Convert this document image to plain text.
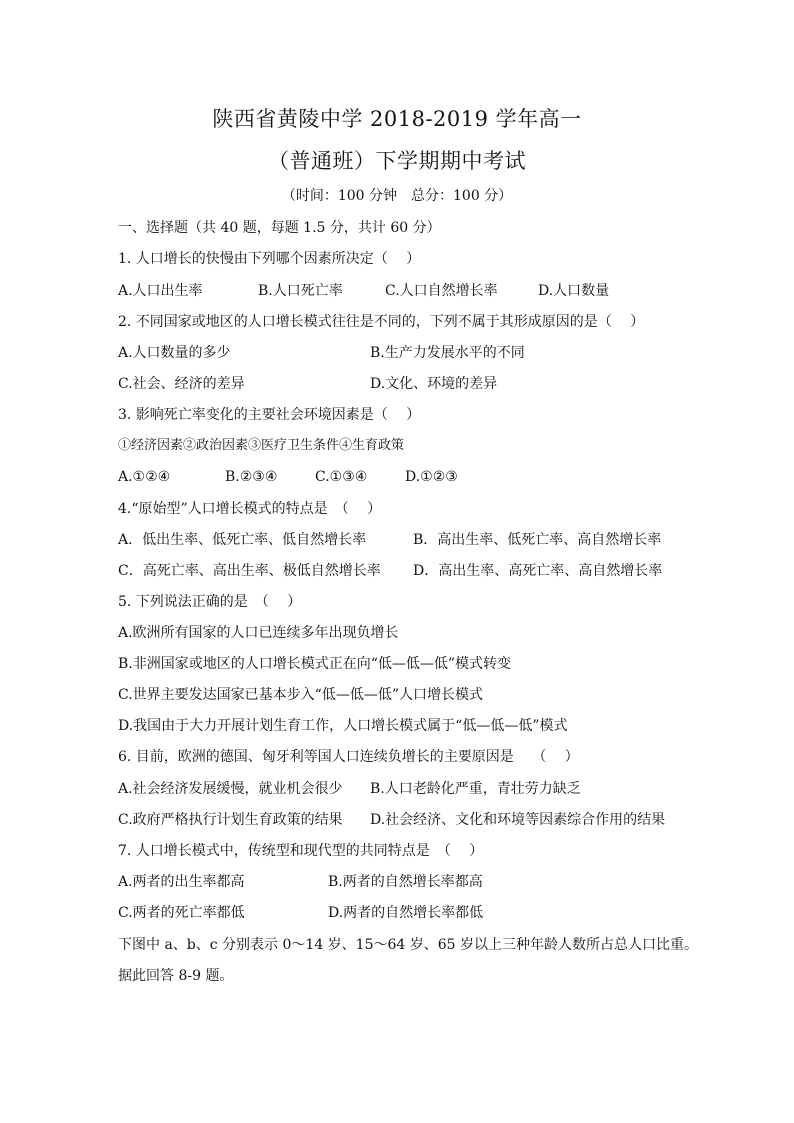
陕西省黄陵中学 2018-2019 学年高一
（普通班）下学期期中考试
（时间：100 分钟　总分：100 分）
一、选择题（共 40 题，每题 1.5 分，共计 60 分）
1. 人口增长的快慢由下列哪个因素所决定（　 ）
A.人口出生率	B.人口死亡率	C.人口自然增长率	D.人口数量
2. 不同国家或地区的人口增长模式往往是不同的，下列不属于其形成原因的是（　 ）
A.人口数量的多少	B.生产力发展水平的不同
C.社会、经济的差异	D.文化、环境的差异
3. 影响死亡率变化的主要社会环境因素是（　 ）
①经济因素②政治因素③医疗卫生条件④生育政策
A.①②④	B.②③④	C.①③④	D.①②③
4.“原始型”人口增长模式的特点是　（　 ）
A．低出生率、低死亡率、低自然增长率	B．高出生率、低死亡率、高自然增长率
C．高死亡率、高出生率、极低自然增长率 D．高出生率、高死亡率、高自然增长率
5. 下列说法正确的是　（　 ）
A.欧洲所有国家的人口已连续多年出现负增长
B.非洲国家或地区的人口增长模式正在向“低—低—低”模式转变
C.世界主要发达国家已基本步入“低—低—低”人口增长模式
D.我国由于大力开展计划生育工作，人口增长模式属于“低—低—低”模式
6. 目前，欧洲的德国、匈牙利等国人口连续负增长的主要原因是　 （　 ）
A.社会经济发展缓慢，就业机会很少 B.人口老龄化严重，青壮劳力缺乏
C.政府严格执行计划生育政策的结果 D.社会经济、文化和环境等因素综合作用的结果
7. 人口增长模式中，传统型和现代型的共同特点是　（　 ）
A.两者的出生率都高	B.两者的自然增长率都高
C.两者的死亡率都低	D.两者的自然增长率都低
下图中 a、b、c 分别表示 0～14 岁、15～64 岁、65 岁以上三种年龄人数所占总人口比重。
据此回答 8-9 题。
